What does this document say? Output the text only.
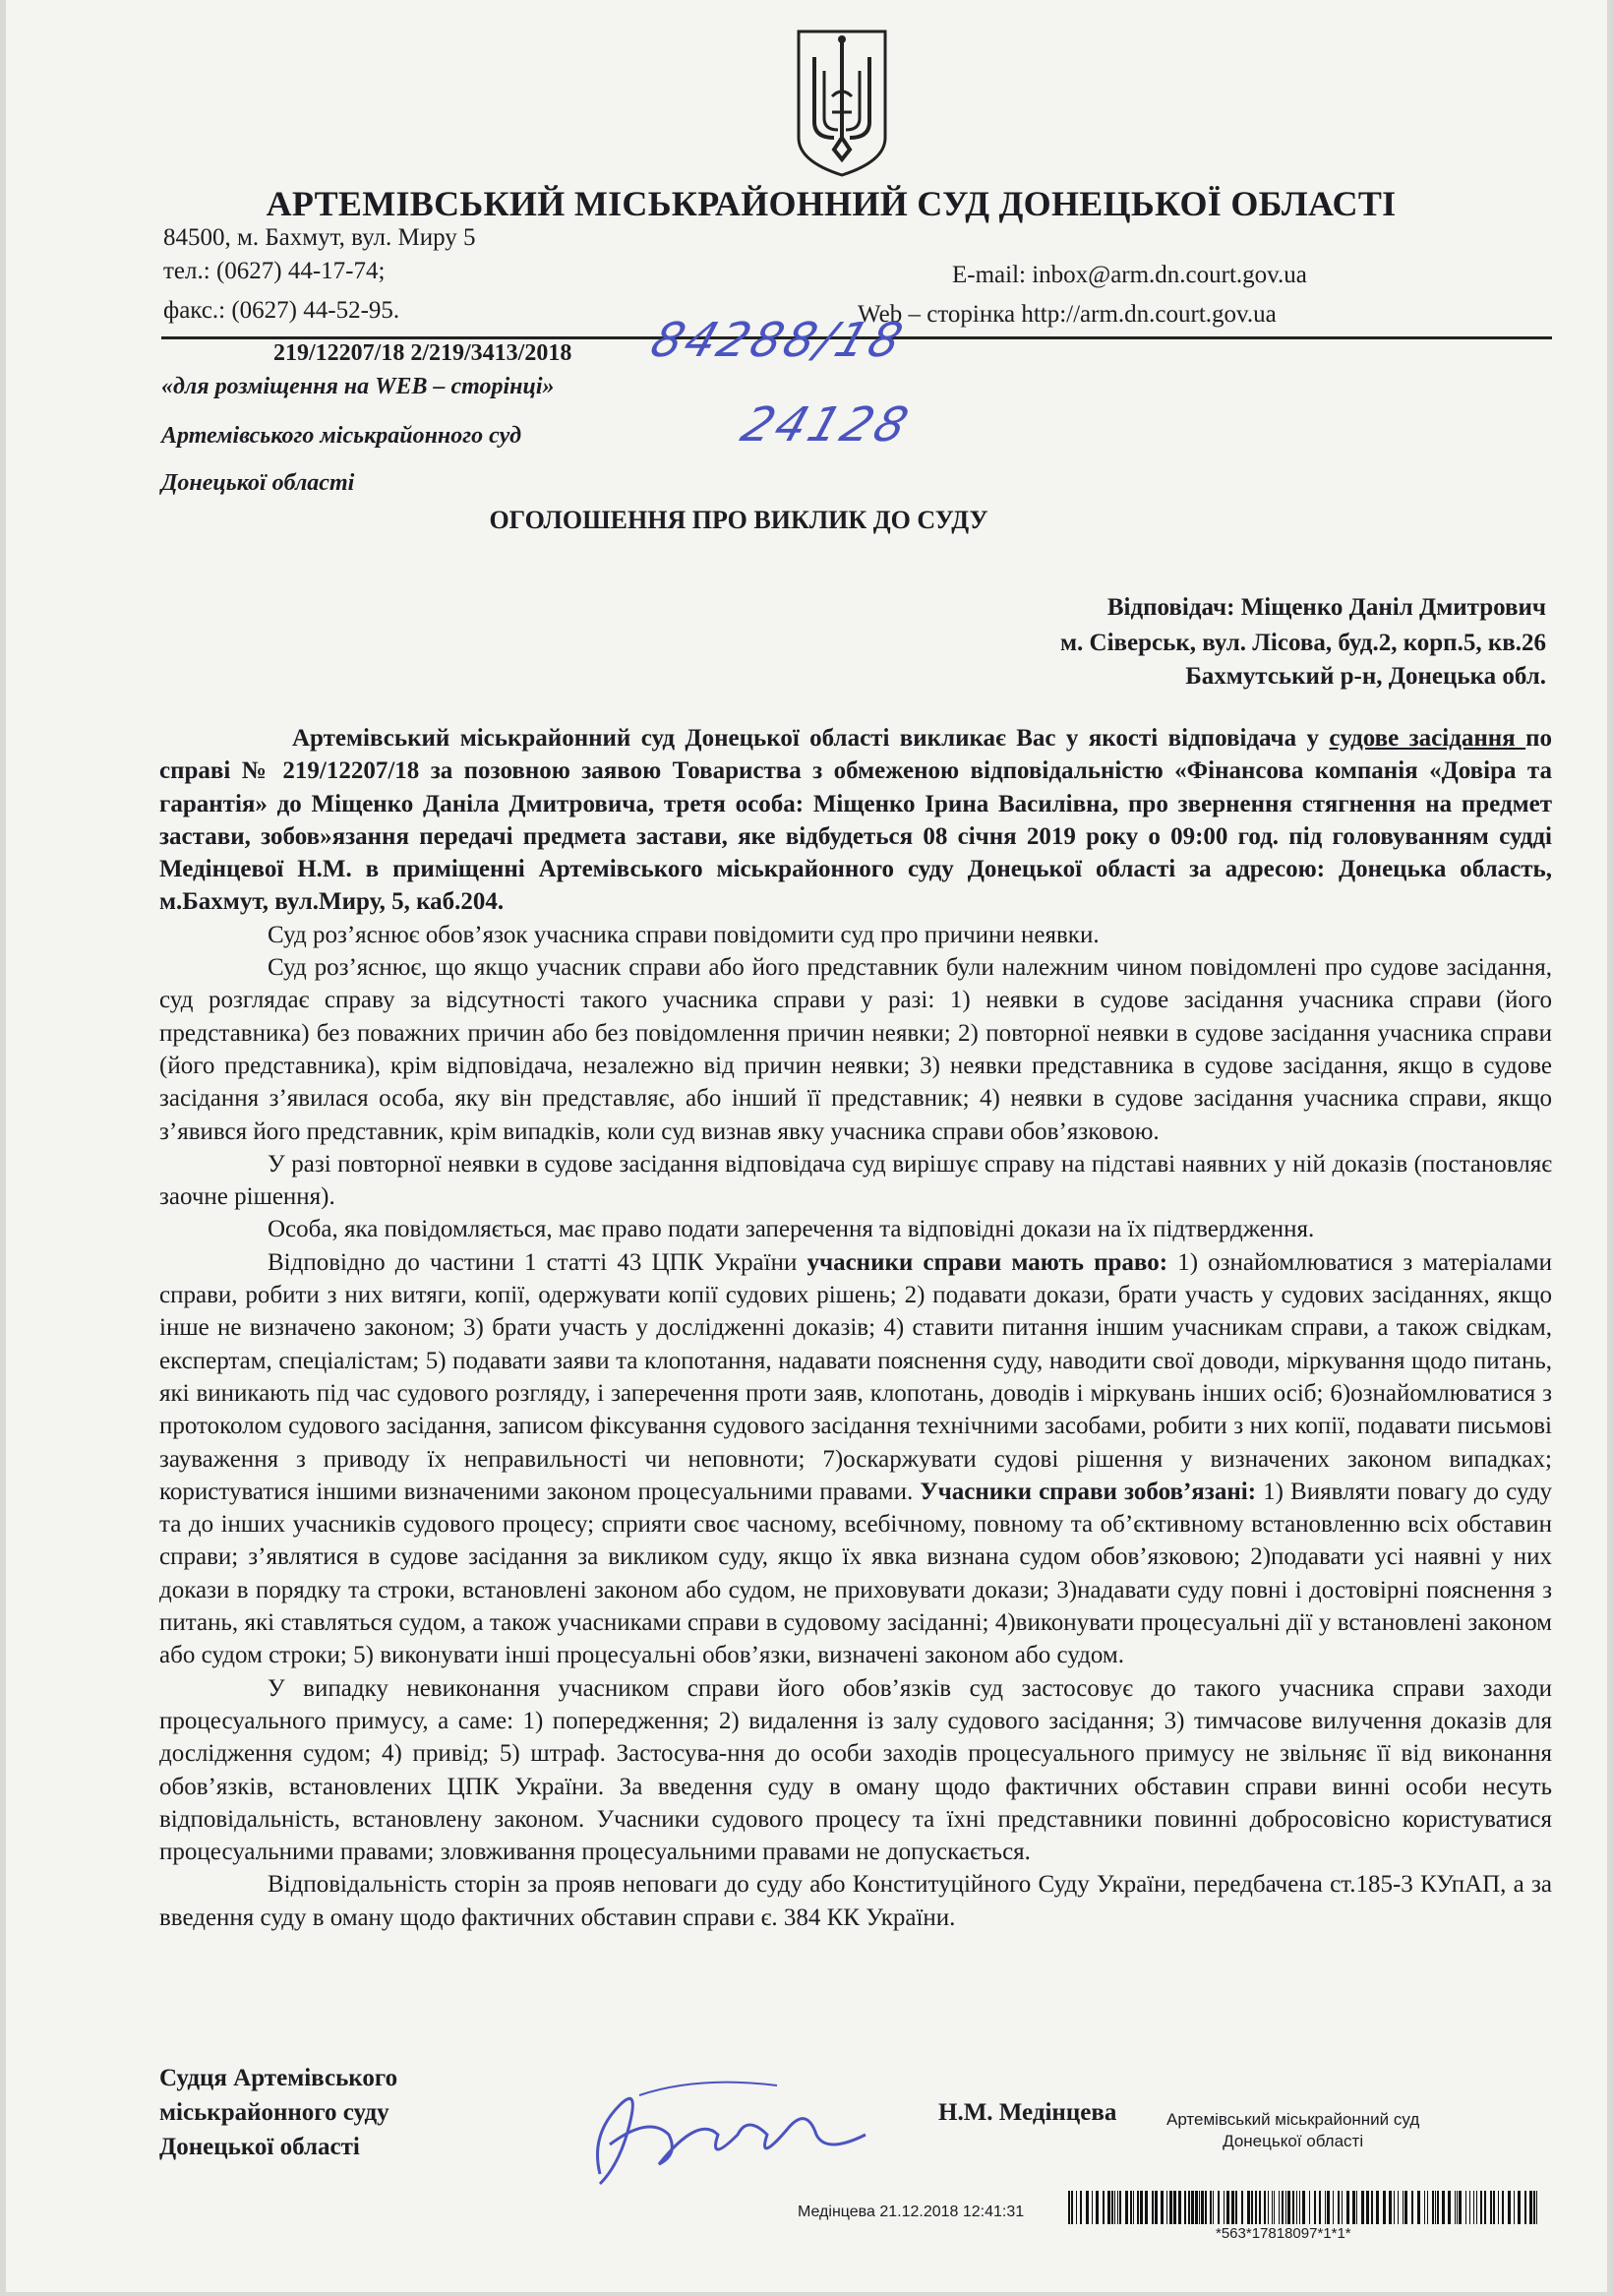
АРТЕМІВСЬКИЙ МІСЬКРАЙОННИЙ СУД ДОНЕЦЬКОЇ ОБЛАСТІ

84500, м. Бахмут, вул. Миру 5

тел.: (0627) 44-17-74;

факс.: (0627) 44-52-95.

E-mail: inbox@arm.dn.court.gov.ua

Web – сторінка http://arm.dn.court.gov.ua

219/12207/18 2/219/3413/2018

«для розміщення на WEB – сторінці»

Артемівського міськрайонного суд

Донецької області

84288/18
24128

ОГОЛОШЕННЯ ПРО ВИКЛИК ДО СУДУ

Відповідач: Міщенко Даніл Дмитрович

м. Сіверськ, вул. Лісова, буд.2, корп.5, кв.26

Бахмутський р-н, Донецька обл.

Артемівський міськрайонний суд Донецької області викликає Вас у якості відповідача у судове засідання по справі № 219/12207/18 за позовною заявою Товариства з обмеженою відповідальністю «Фінансова компанія «Довіра та гарантія» до Міщенко Даніла Дмитровича, третя особа: Міщенко Ірина Василівна, про звернення стягнення на предмет застави, зобов»язання передачі предмета застави, яке відбудеться 08 січня 2019 року о 09:00 год. під головуванням судді Медінцевої Н.М. в приміщенні Артемівського міськрайонного суду Донецької області за адресою: Донецька область, м.Бахмут, вул.Миру, 5, каб.204.

Суд роз’яснює обов’язок учасника справи повідомити суд про причини неявки.

Суд роз’яснює, що якщо учасник справи або його представник були належним чином повідомлені про судове засідання, суд розглядає справу за відсутності такого учасника справи у разі: 1) неявки в судове засідання учасника справи (його представника) без поважних причин або без повідомлення причин неявки; 2) повторної неявки в судове засідання учасника справи (його представника), крім відповідача, незалежно від причин неявки; 3) неявки представника в судове засідання, якщо в судове засідання з’явилася особа, яку він представляє, або інший її представник; 4) неявки в судове засідання учасника справи, якщо з’явився його представник, крім випадків, коли суд визнав явку учасника справи обов’язковою.

У разі повторної неявки в судове засідання відповідача суд вирішує справу на підставі наявних у ній доказів (постановляє заочне рішення).

Особа, яка повідомляється, має право подати заперечення та відповідні докази на їх підтвердження.

Відповідно до частини 1 статті 43 ЦПК України учасники справи мають право: 1) ознайомлюватися з матеріалами справи, робити з них витяги, копії, одержувати копії судових рішень; 2) подавати докази, брати участь у судових засіданнях, якщо інше не визначено законом; 3) брати участь у дослідженні доказів; 4) ставити питання іншим учасникам справи, а також свідкам, експертам, спеціалістам; 5) подавати заяви та клопотання, надавати пояснення суду, наводити свої доводи, міркування щодо питань, які виникають під час судового розгляду, і заперечення проти заяв, клопотань, доводів і міркувань інших осіб; 6)ознайомлюватися з протоколом судового засідання, записом фіксування судового засідання технічними засобами, робити з них копії, подавати письмові зауваження з приводу їх неправильності чи неповноти; 7)оскаржувати судові рішення у визначених законом випадках; користуватися іншими визначеними законом процесуальними правами. Учасники справи зобов’язані: 1) Виявляти повагу до суду та до інших учасників судового процесу; сприяти своє часному, всебічному, повному та об’єктивному встановленню всіх обставин справи; з’являтися в судове засідання за викликом суду, якщо їх явка визнана судом обов’язковою; 2)подавати усі наявні у них докази в порядку та строки, встановлені законом або судом, не приховувати докази; 3)надавати суду повні і достовірні пояснення з питань, які ставляться судом, а також учасниками справи в судовому засіданні; 4)виконувати процесуальні дії у встановлені законом або судом строки; 5) виконувати інші процесуальні обов’язки, визначені законом або судом.

У випадку невиконання учасником справи його обов’язків суд застосовує до такого учасника справи заходи процесуального примусу, а саме: 1) попередження; 2) видалення із залу судового засідання; 3) тимчасове вилучення доказів для дослідження судом; 4) привід; 5) штраф. Застосува-ння до особи заходів процесуального примусу не звільняє її від виконання обов’язків, встановлених ЦПК України. За введення суду в оману щодо фактичних обставин справи винні особи несуть відповідальність, встановлену законом. Учасники судового процесу та їхні представники повинні добросовісно користуватися процесуальними правами; зловживання процесуальними правами не допускається.

Відповідальність сторін за прояв неповаги до суду або Конституційного Суду України, передбачена ст.185-3 КУпАП, а за введення суду в оману щодо фактичних обставин справи є. 384 КК України.

Судця Артемівського
міськрайонного суду
Донецької області

Н.М. Медінцева	Артемівський міськрайонний суд
Донецької області

Медінцева 21.12.2018 12:41:31

*563*17818097*1*1*
